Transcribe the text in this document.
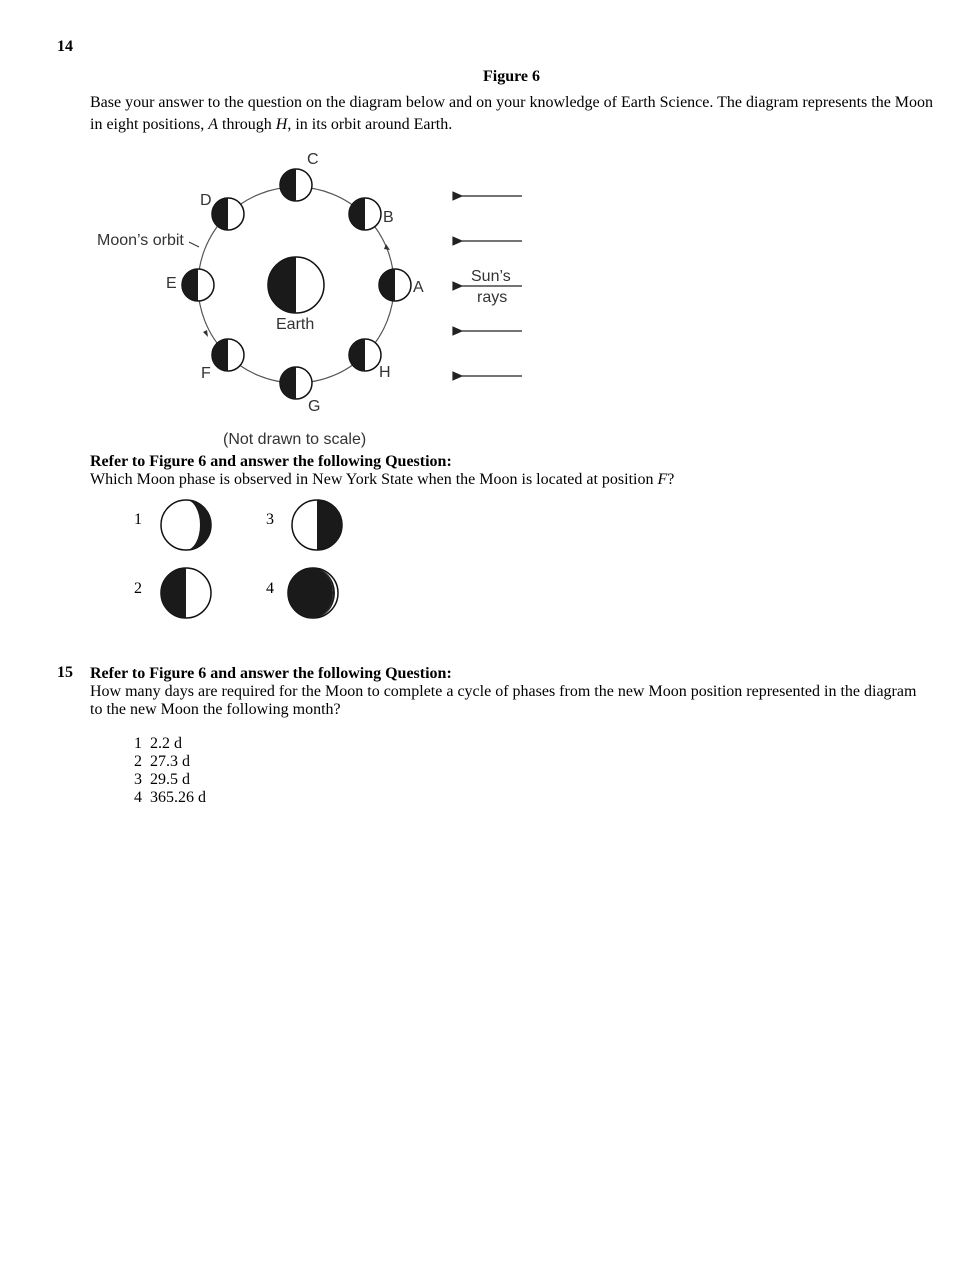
14
Figure 6
Base your answer to the question on the diagram below and on your knowledge of Earth Science. The diagram represents the Moon in eight positions, A through H, in its orbit around Earth.
A
B
C
D
E
F
G
H
Moon’s orbit
Earth
Sun’s
rays
(Not drawn to scale)
Refer to Figure 6 and answer the following Question:
Which Moon phase is observed in New York State when the Moon is located at position F?
1	3
2	4
15 Refer to Figure 6 and answer the following Question:
How many days are required for the Moon to complete a cycle of phases from the new Moon position represented in the diagram to the new Moon the following month?
1 2.2 d
2 27.3 d
3 29.5 d
4 365.26 d
